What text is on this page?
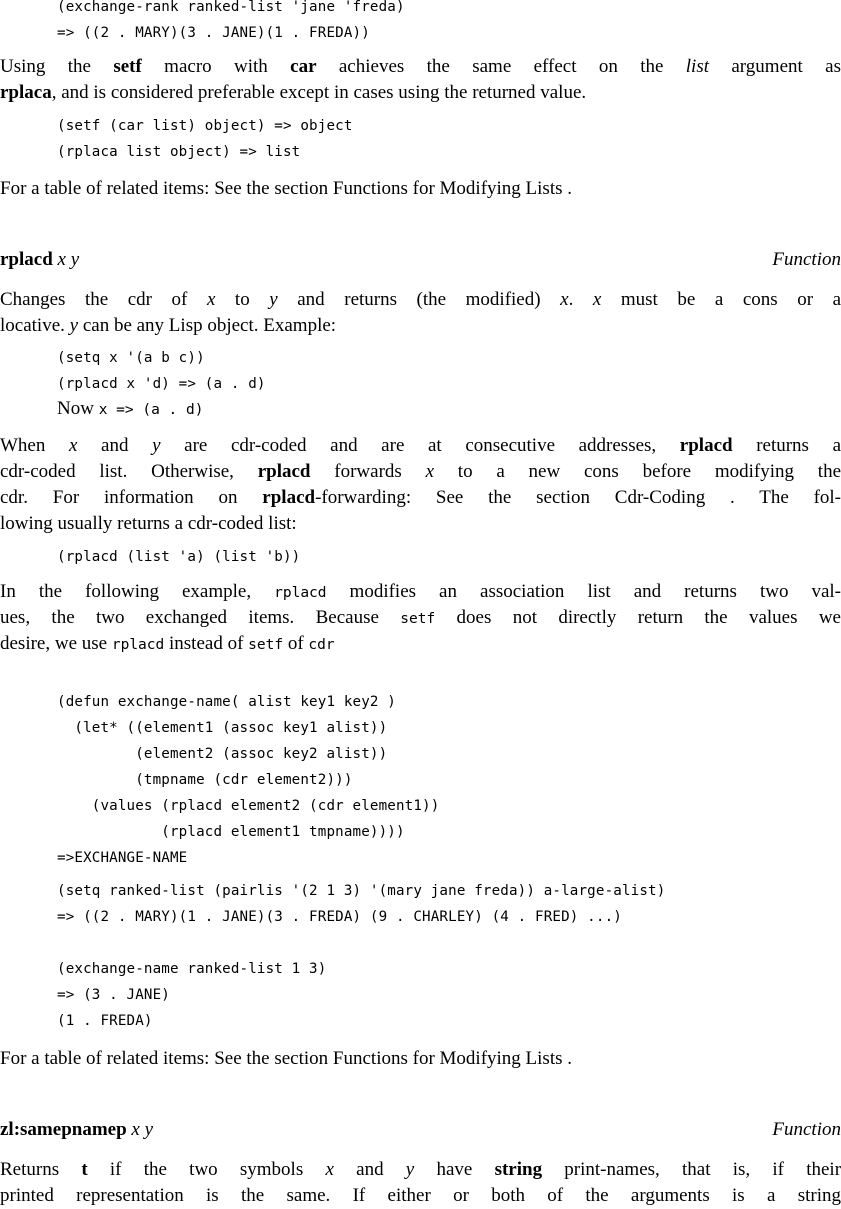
(exchange-rank ranked-list 'jane 'freda)
=> ((2 . MARY)(3 . JANE)(1 . FREDA))
Using the setf macro with car achieves the same effect on the list argument as
rplaca, and is considered preferable except in cases using the returned value.
(setf (car list) object) => object
(rplaca list object) => list
For a table of related items: See the section Functions for Modifying Lists .
rplacd x y	Function
Changes the cdr of x to y and returns (the modified) x. x must be a cons or a
locative. y can be any Lisp object. Example:
(setq x '(a b c))
(rplacd x 'd) => (a . d)
Now x => (a . d)
When x and y are cdr-coded and are at consecutive addresses, rplacd returns a
cdr-coded list. Otherwise, rplacd forwards x to a new cons before modifying the
cdr. For information on rplacd-forwarding: See the section Cdr-Coding . The fol-
lowing usually returns a cdr-coded list:
(rplacd (list 'a) (list 'b))
In the following example, rplacd modifies an association list and returns two val-
ues, the two exchanged items. Because setf does not directly return the values we
desire, we use rplacd instead of setf of cdr
(defun exchange-name( alist key1 key2 )
(let* ((element1 (assoc key1 alist))
(element2 (assoc key2 alist))
(tmpname (cdr element2)))
(values (rplacd element2 (cdr element1))
(rplacd element1 tmpname))))
=>EXCHANGE-NAME
(setq ranked-list (pairlis '(2 1 3) '(mary jane freda)) a-large-alist)
=> ((2 . MARY)(1 . JANE)(3 . FREDA) (9 . CHARLEY) (4 . FRED) ...)
(exchange-name ranked-list 1 3)
=> (3 . JANE)
(1 . FREDA)
For a table of related items: See the section Functions for Modifying Lists .
zl:samepnamep x y	Function
Returns t if the two symbols x and y have string print-names, that is, if their
printed representation is the same. If either or both of the arguments is a string
